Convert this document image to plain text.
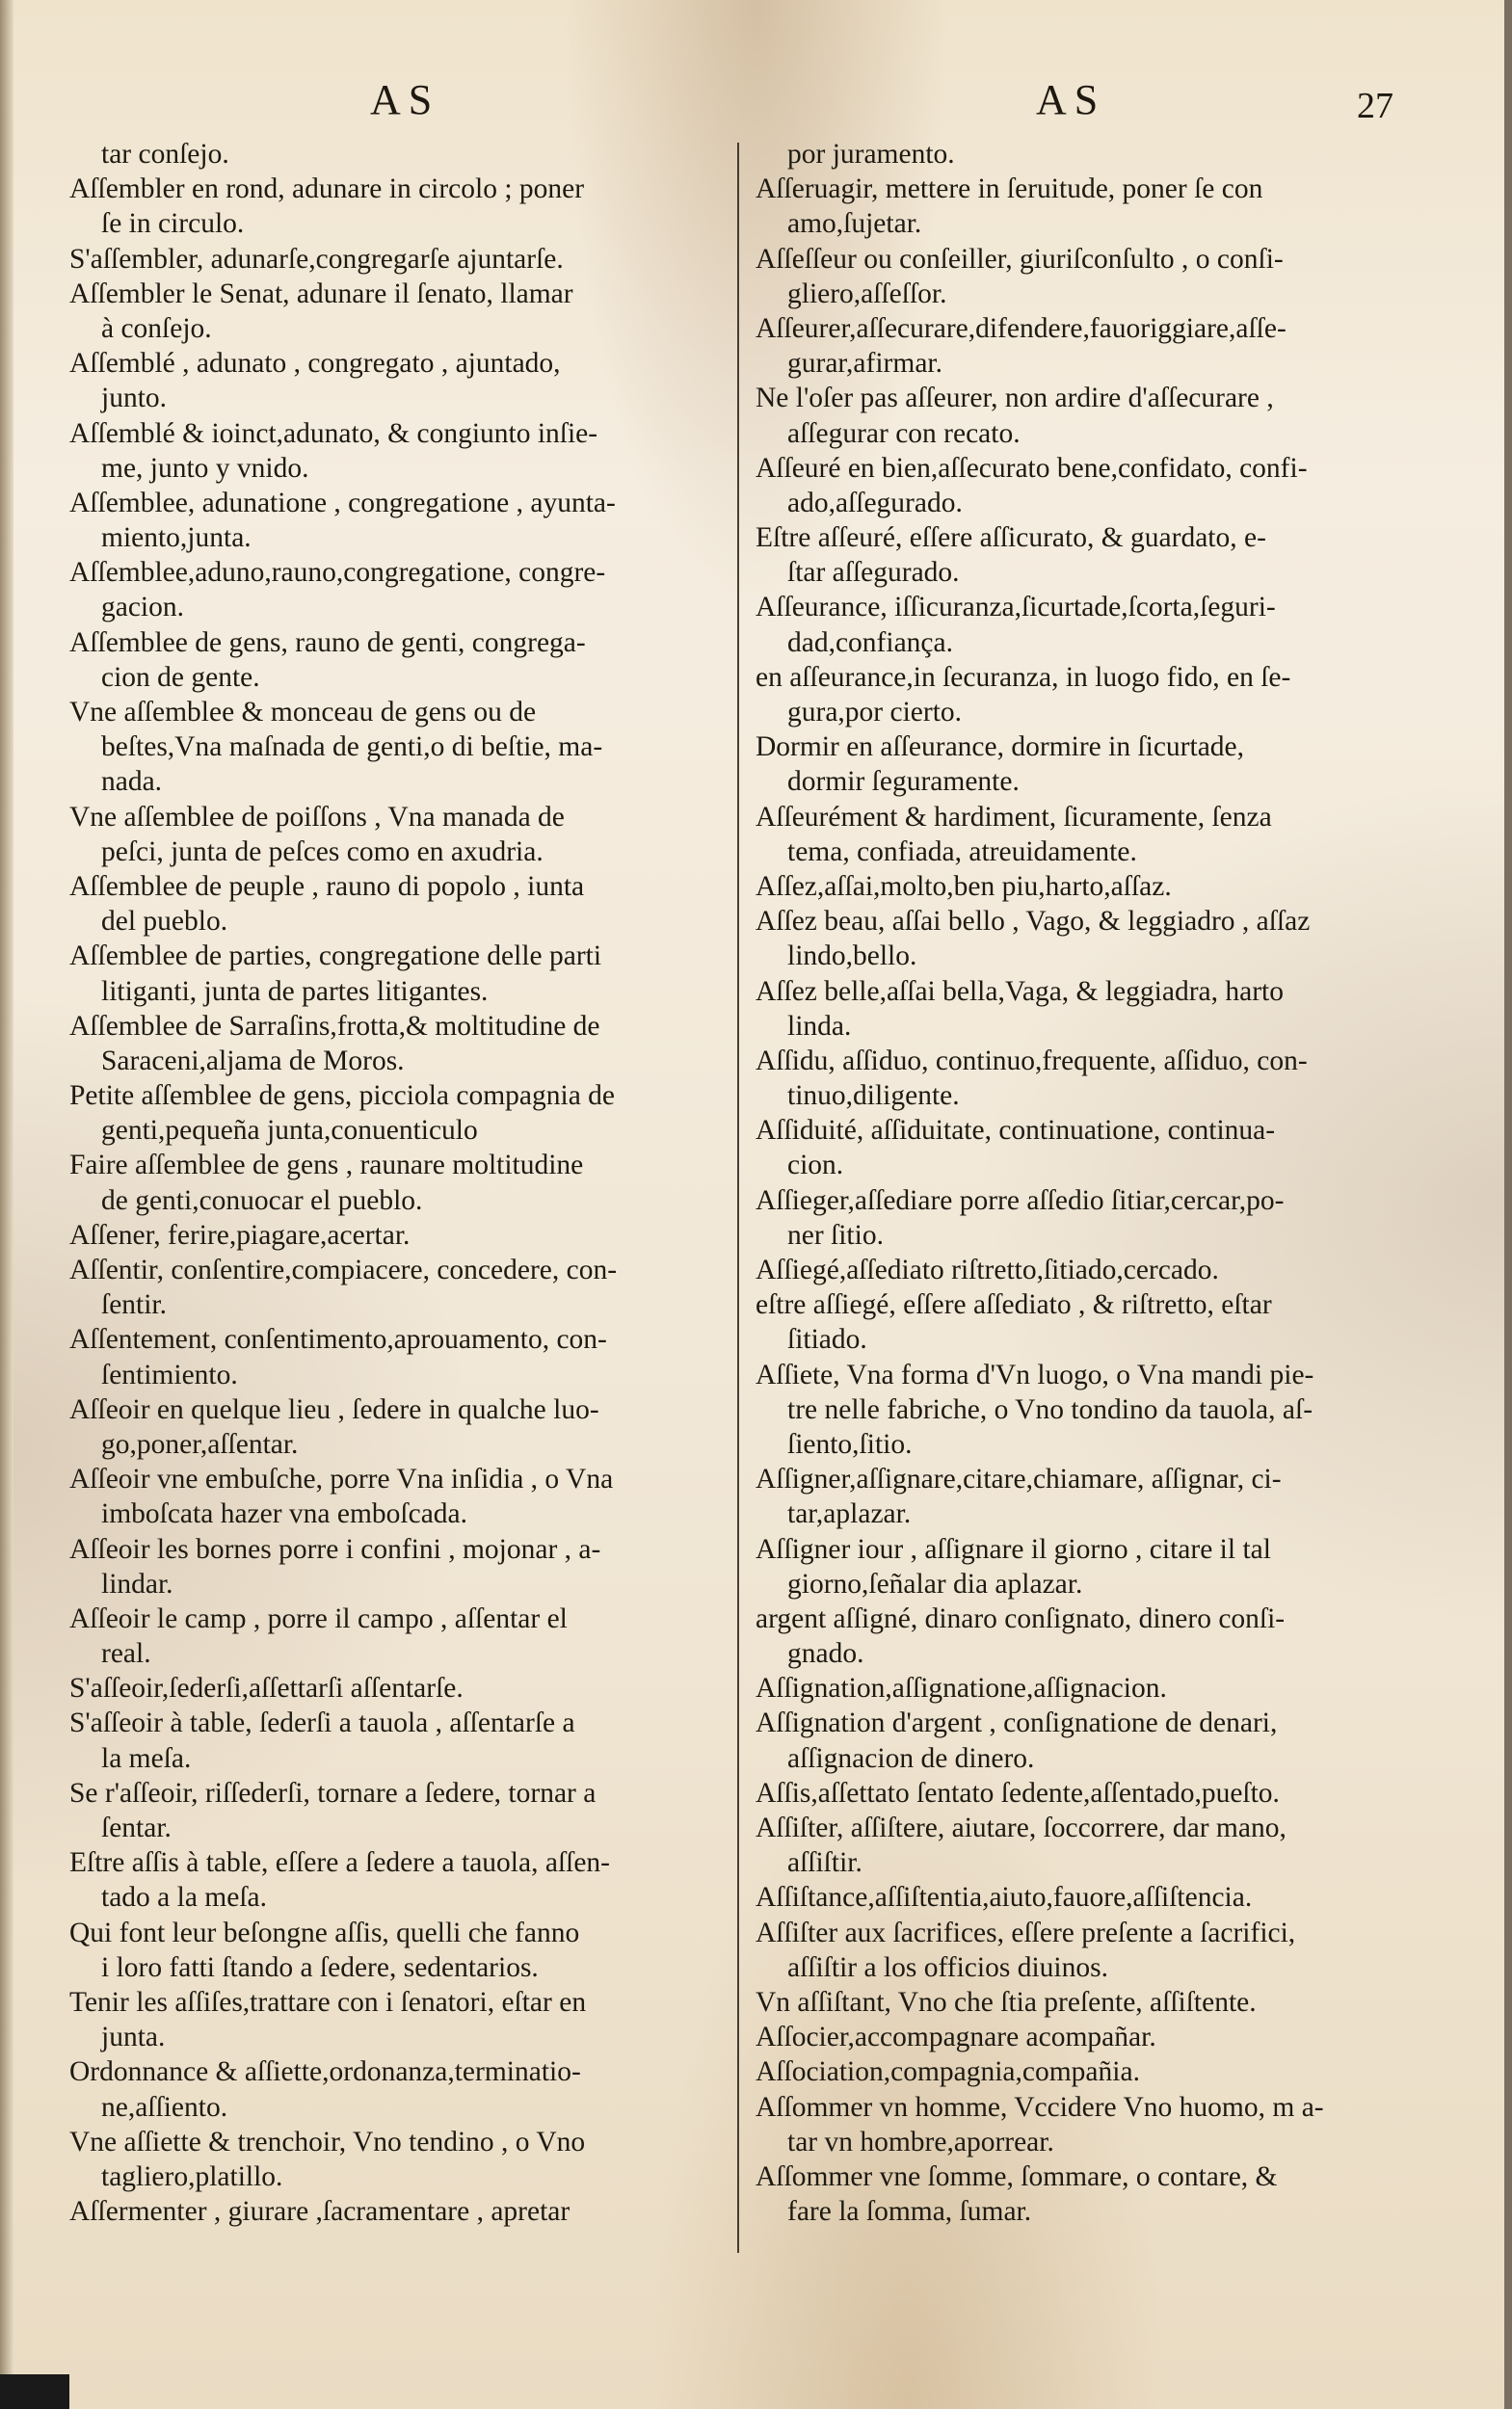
AS	AS	27
tar conſejo.
Aſſembler en rond, adunare in circolo ; poner
ſe in circulo.
S'aſſembler, adunarſe,congregarſe ajuntarſe.
Aſſembler le Senat, adunare il ſenato, llamar
à conſejo.
Aſſemblé , adunato , congregato , ajuntado,
junto.
Aſſemblé & ioinct,adunato, & congiunto inſie-
me, junto y vnido.
Aſſemblee, adunatione , congregatione , ayunta-
miento,junta.
Aſſemblee,aduno,rauno,congregatione, congre-
gacion.
Aſſemblee de gens, rauno de genti, congrega-
cion de gente.
Vne aſſemblee & monceau de gens ou de
beſtes,Vna maſnada de genti,o di beſtie, ma-
nada.
Vne aſſemblee de poiſſons , Vna manada de
peſci, junta de peſces como en axudria.
Aſſemblee de peuple , rauno di popolo , iunta
del pueblo.
Aſſemblee de parties, congregatione delle parti
litiganti, junta de partes litigantes.
Aſſemblee de Sarraſins,frotta,& moltitudine de
Saraceni,aljama de Moros.
Petite aſſemblee de gens, picciola compagnia de
genti,pequeña junta,conuenticulo
Faire aſſemblee de gens , raunare moltitudine
de genti,conuocar el pueblo.
Aſſener, ferire,piagare,acertar.
Aſſentir, conſentire,compiacere, concedere, con-
ſentir.
Aſſentement, conſentimento,aprouamento, con-
ſentimiento.
Aſſeoir en quelque lieu , ſedere in qualche luo-
go,poner,aſſentar.
Aſſeoir vne embuſche, porre Vna inſidia , o Vna
imboſcata hazer vna emboſcada.
Aſſeoir les bornes porre i confini , mojonar , a-
lindar.
Aſſeoir le camp , porre il campo , aſſentar el
real.
S'aſſeoir,ſederſi,aſſettarſi aſſentarſe.
S'aſſeoir à table, ſederſi a tauola , aſſentarſe a
la meſa.
Se r'aſſeoir, riſſederſi, tornare a ſedere, tornar a
ſentar.
Eſtre aſſis à table, eſſere a ſedere a tauola, aſſen-
tado a la meſa.
Qui font leur beſongne aſſis, quelli che fanno
i loro fatti ſtando a ſedere, sedentarios.
Tenir les aſſiſes,trattare con i ſenatori, eſtar en
junta.
Ordonnance & aſſiette,ordonanza,terminatio-
ne,aſſiento.
Vne aſſiette & trenchoir, Vno tendino , o Vno
tagliero,platillo.
Aſſermenter , giurare ,ſacramentare , apretar
por juramento.
Aſſeruagir, mettere in ſeruitude, poner ſe con
amo,ſujetar.
Aſſeſſeur ou conſeiller, giuriſconſulto , o conſi-
gliero,aſſeſſor.
Aſſeurer,aſſecurare,difendere,fauoriggiare,aſſe-
gurar,afirmar.
Ne l'oſer pas aſſeurer, non ardire d'aſſecurare ,
aſſegurar con recato.
Aſſeuré en bien,aſſecurato bene,confidato, confi-
ado,aſſegurado.
Eſtre aſſeuré, eſſere aſſicurato, & guardato, e-
ſtar aſſegurado.
Aſſeurance, iſſicuranza,ſicurtade,ſcorta,ſeguri-
dad,confiança.
en aſſeurance,in ſecuranza, in luogo fido, en ſe-
gura,por cierto.
Dormir en aſſeurance, dormire in ſicurtade,
dormir ſeguramente.
Aſſeurément & hardiment, ſicuramente, ſenza
tema, confiada, atreuidamente.
Aſſez,aſſai,molto,ben piu,harto,aſſaz.
Aſſez beau, aſſai bello , Vago, & leggiadro , aſſaz
lindo,bello.
Aſſez belle,aſſai bella,Vaga, & leggiadra, harto
linda.
Aſſidu, aſſiduo, continuo,frequente, aſſiduo, con-
tinuo,diligente.
Aſſiduité, aſſiduitate, continuatione, continua-
cion.
Aſſieger,aſſediare porre aſſedio ſitiar,cercar,po-
ner ſitio.
Aſſiegé,aſſediato riſtretto,ſitiado,cercado.
eſtre aſſiegé, eſſere aſſediato , & riſtretto, eſtar
ſitiado.
Aſſiete, Vna forma d'Vn luogo, o Vna mandi pie-
tre nelle fabriche, o Vno tondino da tauola, aſ-
ſiento,ſitio.
Aſſigner,aſſignare,citare,chiamare, aſſignar, ci-
tar,aplazar.
Aſſigner iour , aſſignare il giorno , citare il tal
giorno,ſeñalar dia aplazar.
argent aſſigné, dinaro conſignato, dinero conſi-
gnado.
Aſſignation,aſſignatione,aſſignacion.
Aſſignation d'argent , conſignatione de denari,
aſſignacion de dinero.
Aſſis,aſſettato ſentato ſedente,aſſentado,pueſto.
Aſſiſter, aſſiſtere, aiutare, ſoccorrere, dar mano,
aſſiſtir.
Aſſiſtance,aſſiſtentia,aiuto,fauore,aſſiſtencia.
Aſſiſter aux ſacrifices, eſſere preſente a ſacrifici,
aſſiſtir a los officios diuinos.
Vn aſſiſtant, Vno che ſtia preſente, aſſiſtente.
Aſſocier,accompagnare acompañar.
Aſſociation,compagnia,compañia.
Aſſommer vn homme, Vccidere Vno huomo, m a-
tar vn hombre,aporrear.
Aſſommer vne ſomme, ſommare, o contare, &
fare la ſomma, ſumar.
